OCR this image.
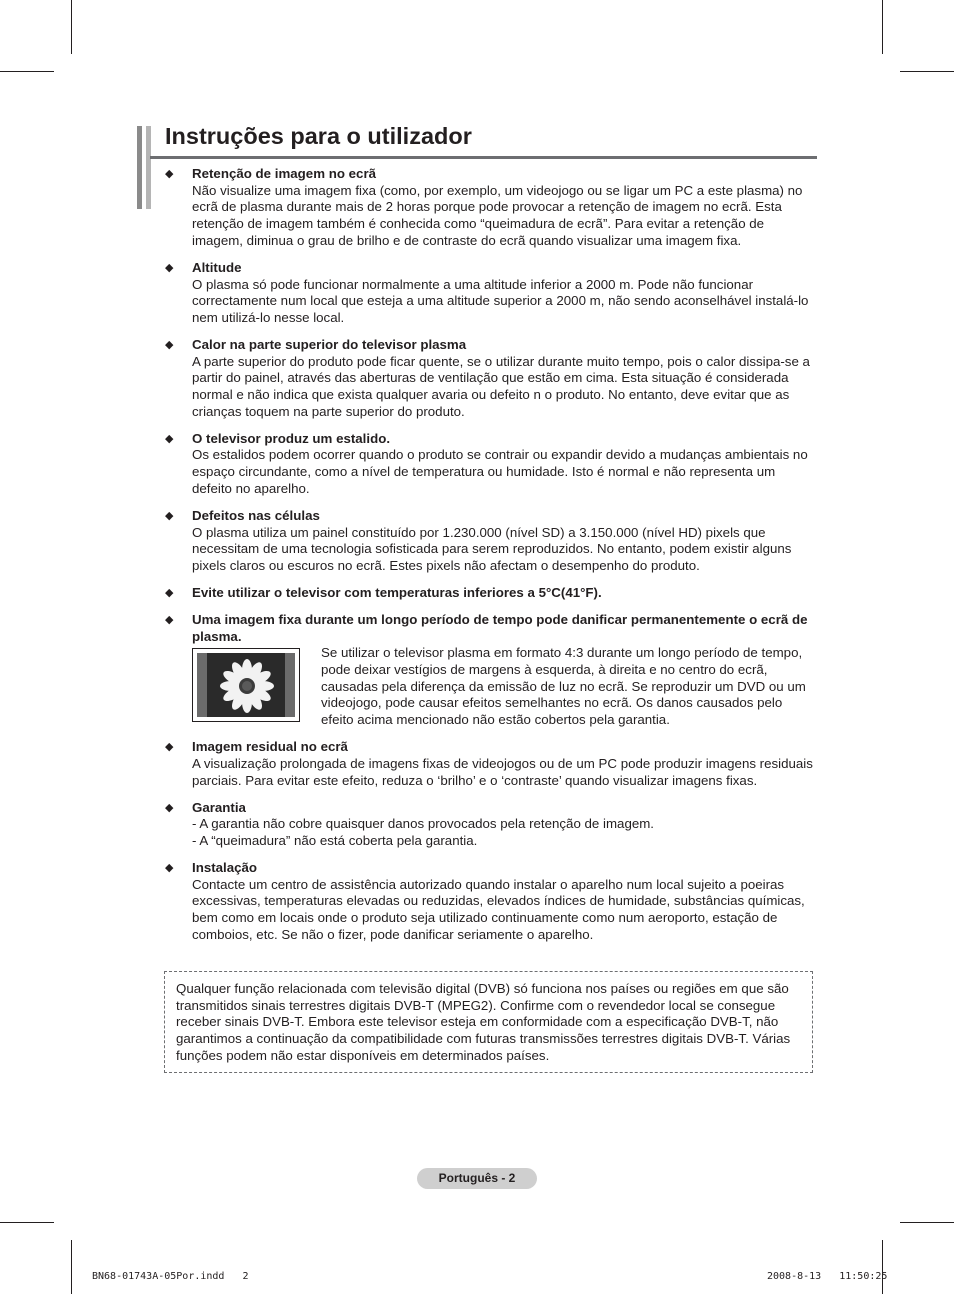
Instruções para o utilizador
◆ Retenção de imagem no ecrã
Não visualize uma imagem fixa (como, por exemplo, um videojogo ou se ligar um PC a este plasma) no ecrã de plasma durante mais de 2 horas porque pode provocar a retenção de imagem no ecrã. Esta retenção de imagem também é conhecida como “queimadura de ecrã”. Para evitar a retenção de imagem, diminua o grau de brilho e de contraste do ecrã quando visualizar uma imagem fixa.
◆ Altitude
O plasma só pode funcionar normalmente a uma altitude inferior a 2000 m. Pode não funcionar correctamente num local que esteja a uma altitude superior a 2000 m, não sendo aconselhável instalá-lo nem utilizá-lo nesse local.
◆ Calor na parte superior do televisor plasma
A parte superior do produto pode ficar quente, se o utilizar durante muito tempo, pois o calor dissipa-se a partir do painel, através das aberturas de ventilação que estão em cima. Esta situação é considerada normal e não indica que exista qualquer avaria ou defeito n o produto. No entanto, deve evitar que as crianças toquem na parte superior do produto.
◆ O televisor produz um estalido.
Os estalidos podem ocorrer quando o produto se contrair ou expandir devido a mudanças ambientais no espaço circundante, como a nível de temperatura ou humidade. Isto é normal e não representa um defeito no aparelho.
◆ Defeitos nas células
O plasma utiliza um painel constituído por 1.230.000 (nível SD) a 3.150.000 (nível HD) pixels que necessitam de uma tecnologia sofisticada para serem reproduzidos. No entanto, podem existir alguns pixels claros ou escuros no ecrã. Estes pixels não afectam o desempenho do produto.
◆ Evite utilizar o televisor com temperaturas inferiores a 5°C(41°F).
◆ Uma imagem fixa durante um longo período de tempo pode danificar permanentemente o ecrã de plasma.
Se utilizar o televisor plasma em formato 4:3 durante um longo período de tempo, pode deixar vestígios de margens à esquerda, à direita e no centro do ecrã, causadas pela diferença da emissão de luz no ecrã. Se reproduzir um DVD ou um videojogo, pode causar efeitos semelhantes no ecrã. Os danos causados pelo efeito acima mencionado não estão cobertos pela garantia.
◆ Imagem residual no ecrã
A visualização prolongada de imagens fixas de videojogos ou de um PC pode produzir imagens residuais parciais. Para evitar este efeito, reduza o ‘brilho’ e o ‘contraste’ quando visualizar imagens fixas.
◆ Garantia
- A garantia não cobre quaisquer danos provocados pela retenção de imagem.
- A “queimadura” não está coberta pela garantia.
◆ Instalação
Contacte um centro de assistência autorizado quando instalar o aparelho num local sujeito a poeiras excessivas, temperaturas elevadas ou reduzidas, elevados índices de humidade, substâncias químicas, bem como em locais onde o produto seja utilizado continuamente como num aeroporto, estação de comboios, etc. Se não o fizer, pode danificar seriamente o aparelho.
Qualquer função relacionada com televisão digital (DVB) só funciona nos países ou regiões em que são transmitidos sinais terrestres digitais DVB-T (MPEG2). Confirme com o revendedor local se consegue receber sinais DVB-T. Embora este televisor esteja em conformidade com a especificação DVB-T, não garantimos a continuação da compatibilidade com futuras transmissões terrestres digitais DVB-T. Várias funções podem não estar disponíveis em determinados países.
Português - 2
BN68-01743A-05Por.indd   2	2008-8-13   11:50:25
